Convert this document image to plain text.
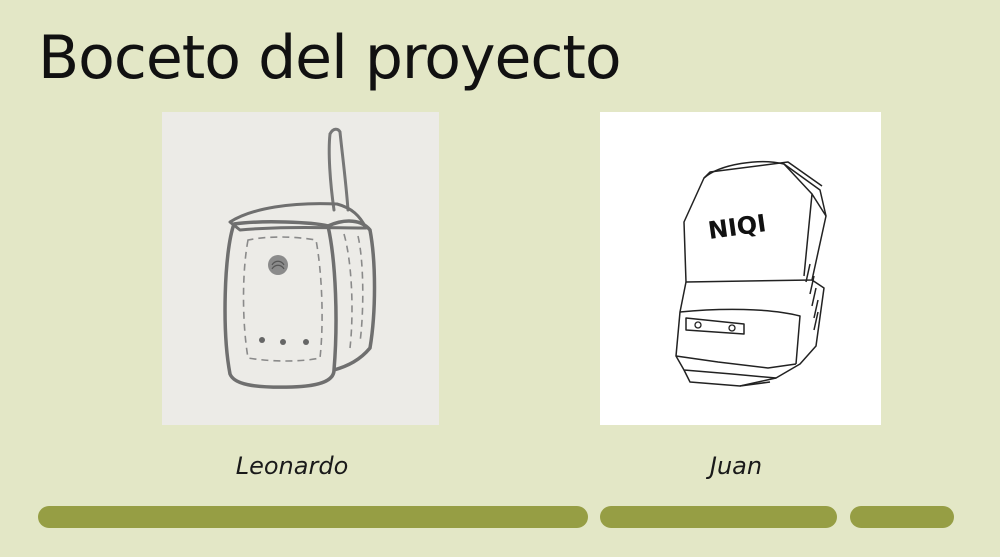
Boceto del proyecto
NIQI
Leonardo	Juan
